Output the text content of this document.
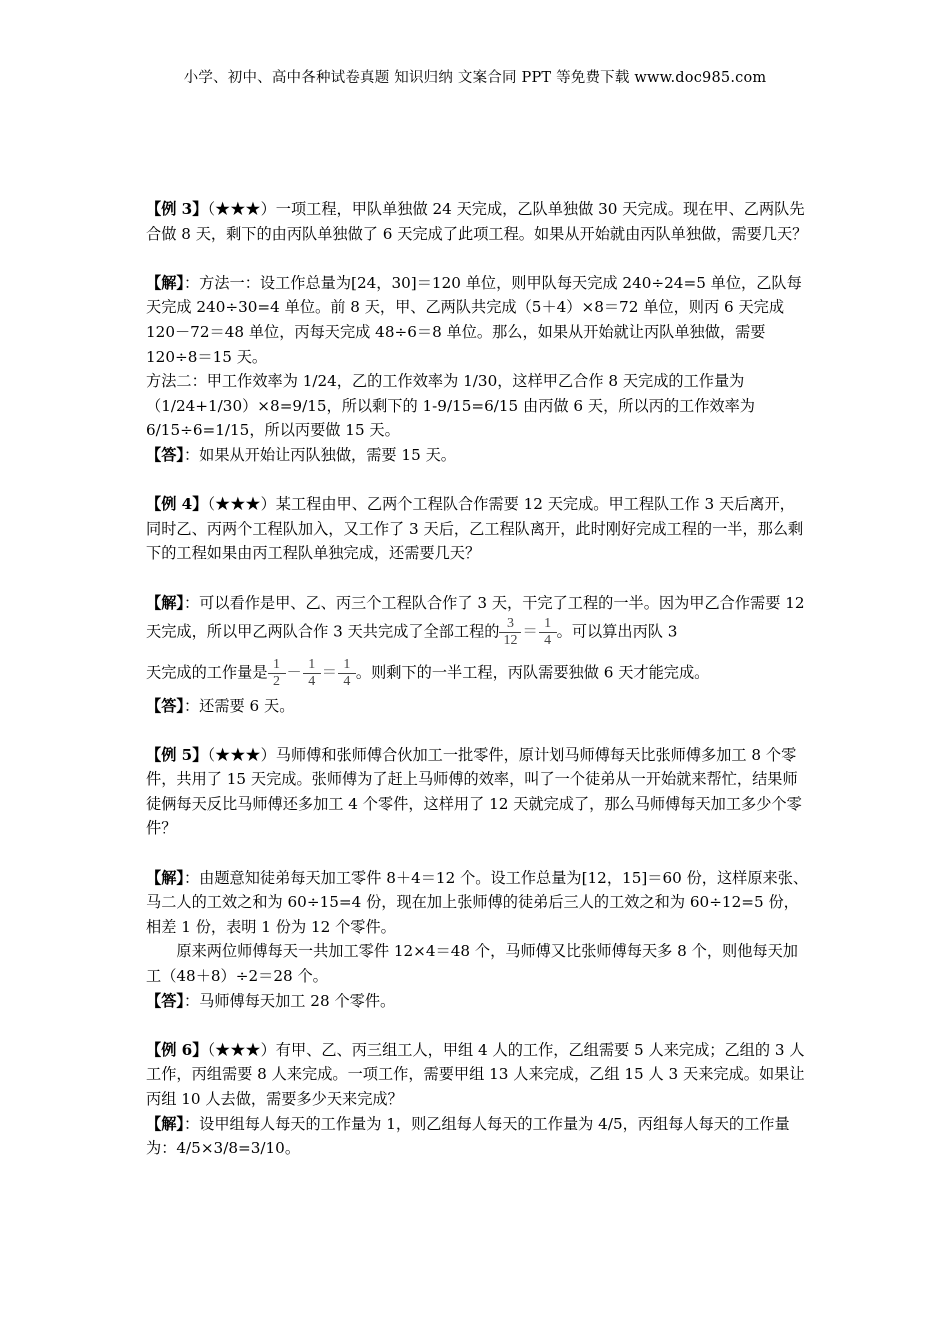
小学、初中、高中各种试卷真题 知识归纳 文案合同 PPT 等免费下载 www.doc985.com

【例 3】（★★★）一项工程，甲队单独做 24 天完成，乙队单独做 30 天完成。现在甲、乙两队先合做 8 天，剩下的由丙队单独做了 6 天完成了此项工程。如果从开始就由丙队单独做，需要几天？

【解】：方法一：设工作总量为[24，30]＝120 单位，则甲队每天完成 240÷24=5 单位，乙队每天完成 240÷30=4 单位。前 8 天，甲、乙两队共完成（5＋4）×8＝72 单位，则丙 6 天完成 120－72＝48 单位，丙每天完成 48÷6＝8 单位。那么，如果从开始就让丙队单独做，需要 120÷8＝15 天。

方法二：甲工作效率为 1/24，乙的工作效率为 1/30，这样甲乙合作 8 天完成的工作量为（1/24+1/30）×8=9/15，所以剩下的 1-9/15=6/15 由丙做 6 天，所以丙的工作效率为 6/15÷6=1/15，所以丙要做 15 天。

【答】：如果从开始让丙队独做，需要 15 天。

【例 4】（★★★）某工程由甲、乙两个工程队合作需要 12 天完成。甲工程队工作 3 天后离开，同时乙、丙两个工程队加入，又工作了 3 天后，乙工程队离开，此时刚好完成工程的一半，那么剩下的工程如果由丙工程队单独完成，还需要几天？

【解】：可以看作是甲、乙、丙三个工程队合作了 3 天，干完了工程的一半。因为甲乙合作需要 12 天完成，所以甲乙两队合作 3 天共完成了全部工程的 $\frac{3}{12} = \frac{1}{4}$ 。可以算出丙队 3

天完成的工作量是 $\frac{1}{2} - \frac{1}{4} = \frac{1}{4}$ 。则剩下的一半工程，丙队需要独做 6 天才能完成。

【答】：还需要 6 天。

【例 5】（★★★）马师傅和张师傅合伙加工一批零件，原计划马师傅每天比张师傅多加工 8 个零件，共用了 15 天完成。张师傅为了赶上马师傅的效率，叫了一个徒弟从一开始就来帮忙，结果师徒俩每天反比马师傅还多加工 4 个零件，这样用了 12 天就完成了，那么马师傅每天加工多少个零件？

【解】：由题意知徒弟每天加工零件 8＋4＝12 个。设工作总量为[12，15]＝60 份，这样原来张、马二人的工效之和为 60÷15=4 份，现在加上张师傅的徒弟后三人的工效之和为 60÷12=5 份，相差 1 份，表明 1 份为 12 个零件。

原来两位师傅每天一共加工零件 12×4＝48 个，马师傅又比张师傅每天多 8 个，则他每天加工（48＋8）÷2＝28 个。

【答】：马师傅每天加工 28 个零件。

【例 6】（★★★）有甲、乙、丙三组工人，甲组 4 人的工作，乙组需要 5 人来完成；乙组的 3 人工作，丙组需要 8 人来完成。一项工作，需要甲组 13 人来完成，乙组 15 人 3 天来完成。如果让丙组 10 人去做，需要多少天来完成？

【解】：设甲组每人每天的工作量为 1，则乙组每人每天的工作量为 4/5，丙组每人每天的工作量为：4/5×3/8=3/10。
